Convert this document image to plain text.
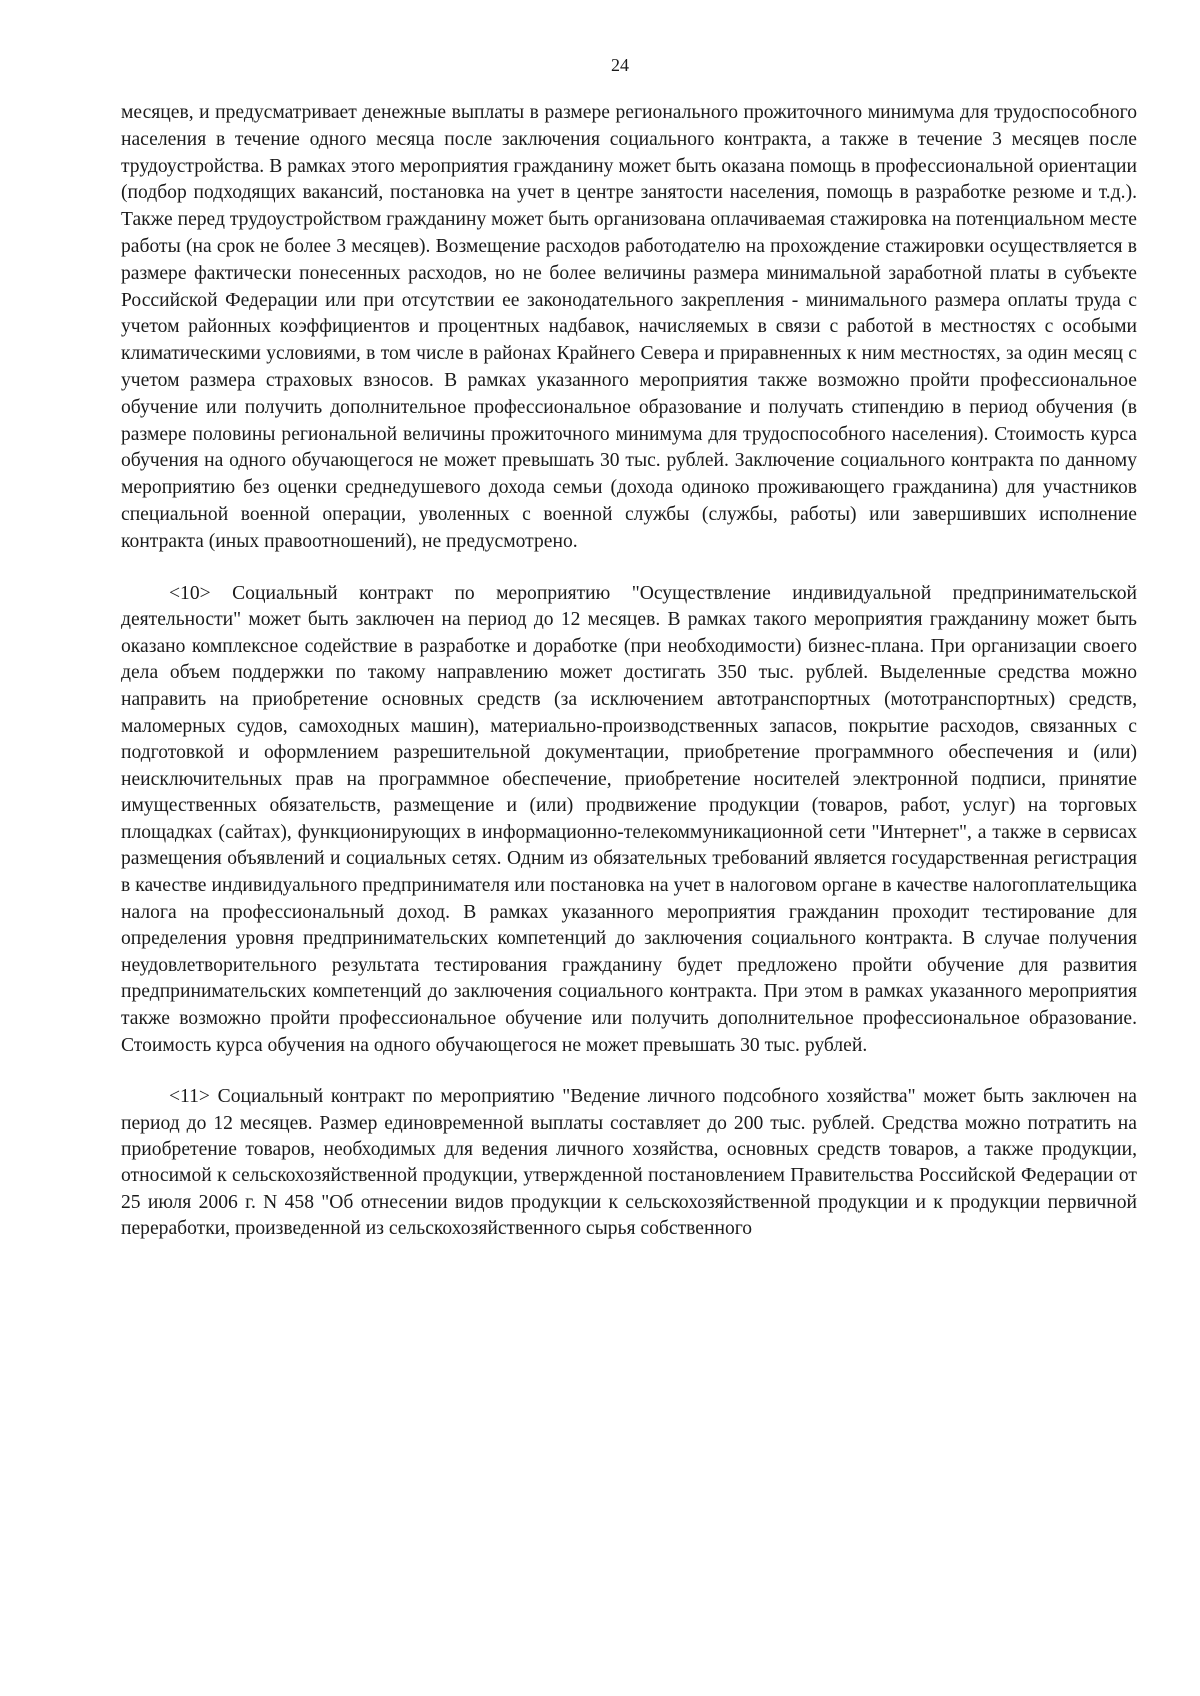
24

месяцев, и предусматривает денежные выплаты в размере регионального прожиточного минимума для трудоспособного населения в течение одного месяца после заключения социального контракта, а также в течение 3 месяцев после трудоустройства. В рамках этого мероприятия гражданину может быть оказана помощь в профессиональной ориентации (подбор подходящих вакансий, постановка на учет в центре занятости населения, помощь в разработке резюме и т.д.). Также перед трудоустройством гражданину может быть организована оплачиваемая стажировка на потенциальном месте работы (на срок не более 3 месяцев). Возмещение расходов работодателю на прохождение стажировки осуществляется в размере фактически понесенных расходов, но не более величины размера минимальной заработной платы в субъекте Российской Федерации или при отсутствии ее законодательного закрепления - минимального размера оплаты труда с учетом районных коэффициентов и процентных надбавок, начисляемых в связи с работой в местностях с особыми климатическими условиями, в том числе в районах Крайнего Севера и приравненных к ним местностях, за один месяц с учетом размера страховых взносов. В рамках указанного мероприятия также возможно пройти профессиональное обучение или получить дополнительное профессиональное образование и получать стипендию в период обучения (в размере половины региональной величины прожиточного минимума для трудоспособного населения). Стоимость курса обучения на одного обучающегося не может превышать 30 тыс. рублей. Заключение социального контракта по данному мероприятию без оценки среднедушевого дохода семьи (дохода одиноко проживающего гражданина) для участников специальной военной операции, уволенных с военной службы (службы, работы) или завершивших исполнение контракта (иных правоотношений), не предусмотрено.

<10> Социальный контракт по мероприятию "Осуществление индивидуальной предпринимательской деятельности" может быть заключен на период до 12 месяцев. В рамках такого мероприятия гражданину может быть оказано комплексное содействие в разработке и доработке (при необходимости) бизнес-плана. При организации своего дела объем поддержки по такому направлению может достигать 350 тыс. рублей. Выделенные средства можно направить на приобретение основных средств (за исключением автотранспортных (мототранспортных) средств, маломерных судов, самоходных машин), материально-производственных запасов, покрытие расходов, связанных с подготовкой и оформлением разрешительной документации, приобретение программного обеспечения и (или) неисключительных прав на программное обеспечение, приобретение носителей электронной подписи, принятие имущественных обязательств, размещение и (или) продвижение продукции (товаров, работ, услуг) на торговых площадках (сайтах), функционирующих в информационно-телекоммуникационной сети "Интернет", а также в сервисах размещения объявлений и социальных сетях. Одним из обязательных требований является государственная регистрация в качестве индивидуального предпринимателя или постановка на учет в налоговом органе в качестве налогоплательщика налога на профессиональный доход. В рамках указанного мероприятия гражданин проходит тестирование для определения уровня предпринимательских компетенций до заключения социального контракта. В случае получения неудовлетворительного результата тестирования гражданину будет предложено пройти обучение для развития предпринимательских компетенций до заключения социального контракта. При этом в рамках указанного мероприятия также возможно пройти профессиональное обучение или получить дополнительное профессиональное образование. Стоимость курса обучения на одного обучающегося не может превышать 30 тыс. рублей.

<11> Социальный контракт по мероприятию "Ведение личного подсобного хозяйства" может быть заключен на период до 12 месяцев. Размер единовременной выплаты составляет до 200 тыс. рублей. Средства можно потратить на приобретение товаров, необходимых для ведения личного хозяйства, основных средств товаров, а также продукции, относимой к сельскохозяйственной продукции, утвержденной постановлением Правительства Российской Федерации от 25 июля 2006 г. N 458 "Об отнесении видов продукции к сельскохозяйственной продукции и к продукции первичной переработки, произведенной из сельскохозяйственного сырья собственного
